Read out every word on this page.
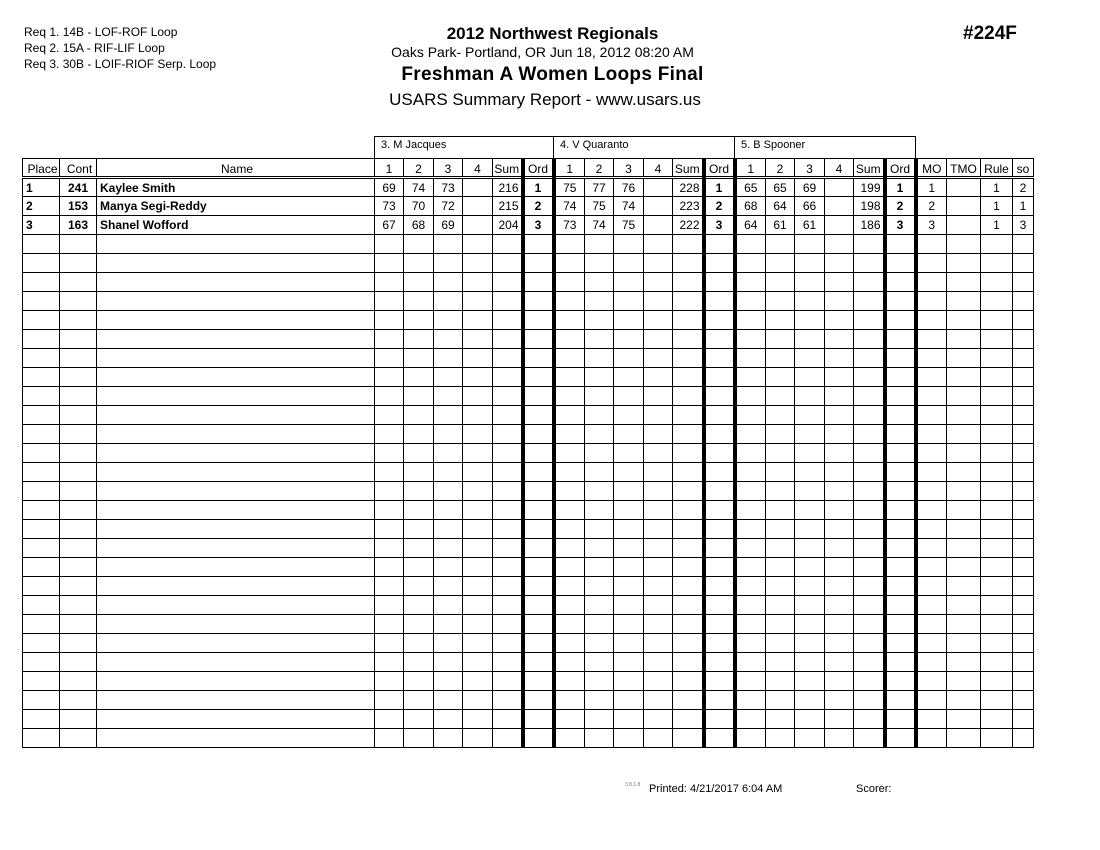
Req 1. 14B - LOF-ROF Loop
Req 2. 15A - RIF-LIF Loop
Req 3. 30B - LOIF-RIOF Serp. Loop
2012 Northwest Regionals
Oaks Park- Portland, OR Jun 18, 2012 08:20 AM
Freshman A Women Loops Final
USARS Summary Report - www.usars.us
#224F
3. M Jacques	4. V Quaranto	5. B Spooner
Place	Cont	Name	1	2	3	4	Sum	Ord	1	2	3	4	Sum	Ord	1	2	3	4	Sum	Ord	MO	TMO	Rule	so
1	241	Kaylee Smith	69	74	73		216	1	75	77	76		228	1	65	65	69		199	1	1		1	2
2	153	Manya Segi-Reddy	73	70	72		215	2	74	75	74		223	2	68	64	66		198	2	2		1	1
3	163	Shanel Wofford	67	68	69		204	3	73	74	75		222	3	64	61	61		186	3	3		1	3

3.8.1.8 Printed: 4/21/2017 6:04 AM	Scorer:
